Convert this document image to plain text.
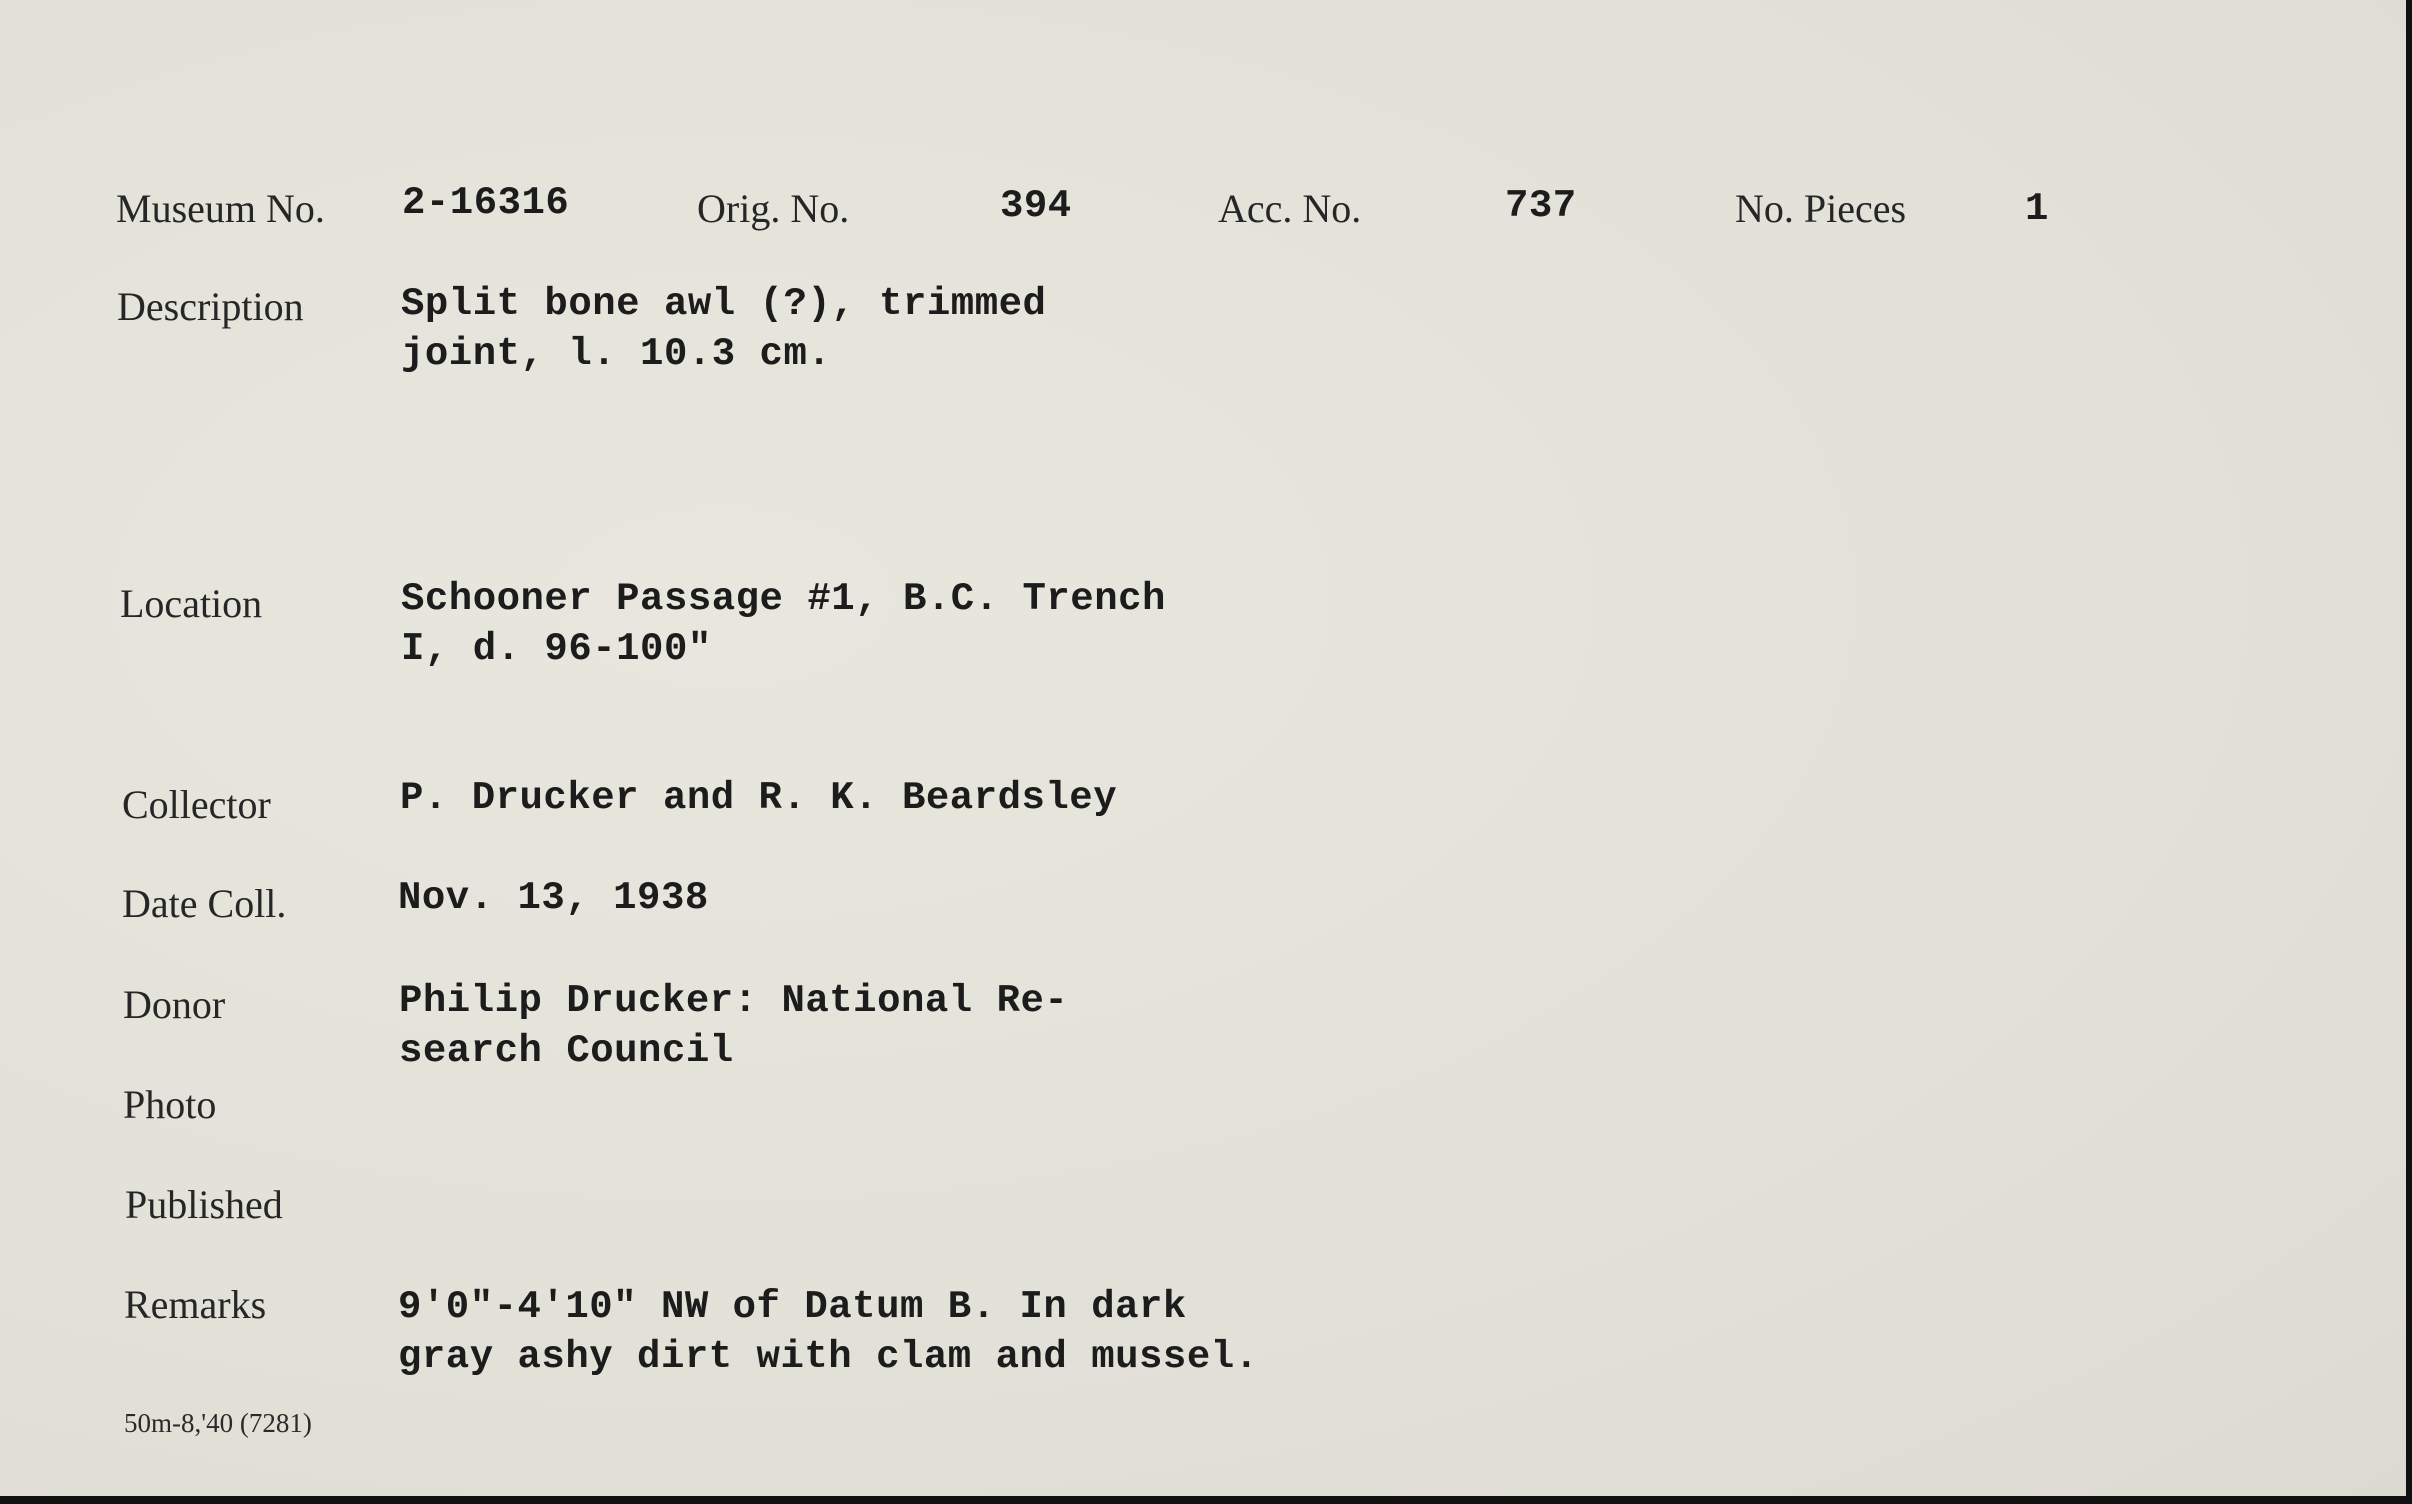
Museum No. 2-16316	Orig. No.	394	Acc. No.	737	No. Pieces	1
Description Split bone awl (?), trimmed
joint, l. 10.3 cm.
Location	Schooner Passage #1, B.C. Trench
I, d. 96-100"
Collector	P. Drucker and R. K. Beardsley
Date Coll.	Nov. 13, 1938
Donor	Philip Drucker: National Re-
search Council
Photo
Published
Remarks	9'0"-4'10" NW of Datum B. In dark
gray ashy dirt with clam and mussel.
50m-8,'40 (7281)
